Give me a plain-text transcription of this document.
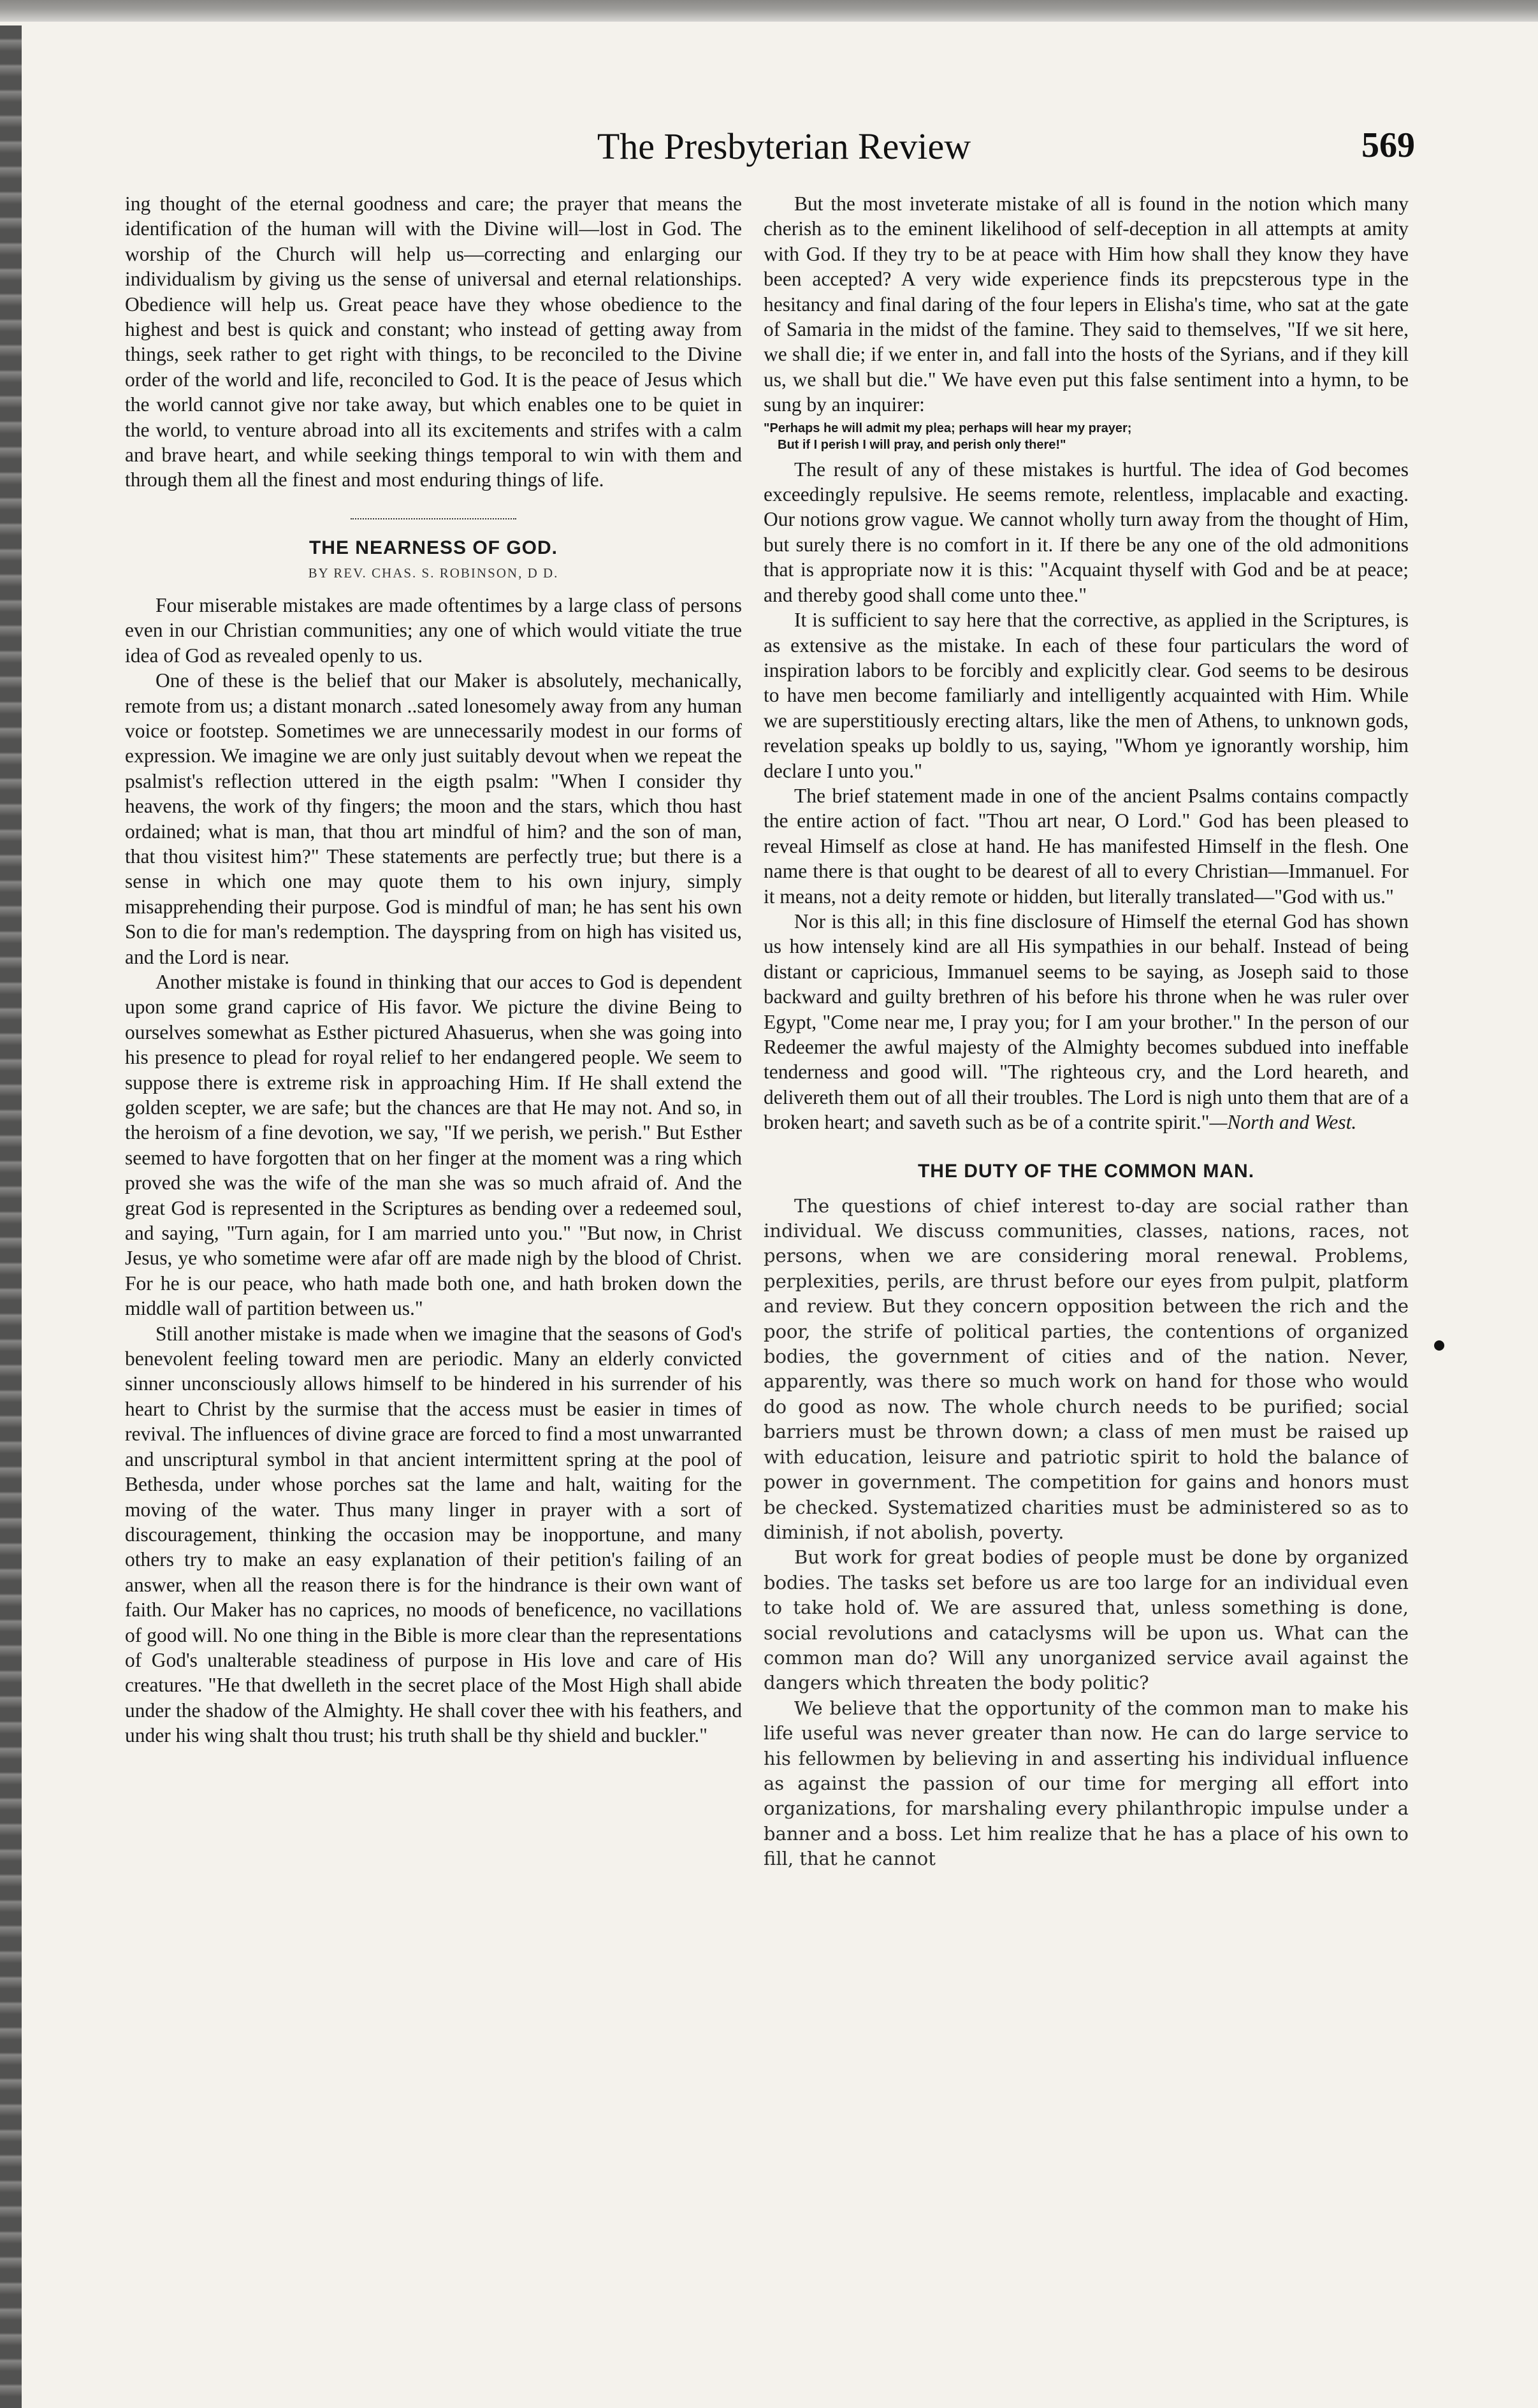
The Presbyterian Review	569

ing thought of the eternal goodness and care; the prayer that means the identification of the human will with the Divine will—lost in God. The worship of the Church will help us—correcting and enlarging our individualism by giving us the sense of universal and eternal relationships. Obedience will help us. Great peace have they whose obedience to the highest and best is quick and constant; who instead of getting away from things, seek rather to get right with things, to be reconciled to the Divine order of the world and life, reconciled to God. It is the peace of Jesus which the world cannot give nor take away, but which enables one to be quiet in the world, to venture abroad into all its excitements and strifes with a calm and brave heart, and while seeking things temporal to win with them and through them all the finest and most enduring things of life.

THE NEARNESS OF GOD.
BY REV. CHAS. S. ROBINSON, D D.

Four miserable mistakes are made oftentimes by a large class of persons even in our Christian communities; any one of which would vitiate the true idea of God as revealed openly to us.

One of these is the belief that our Maker is absolutely, mechanically, remote from us; a distant monarch ..sated lonesomely away from any human voice or footstep. Sometimes we are unnecessarily modest in our forms of expression. We imagine we are only just suitably devout when we repeat the psalmist's reflection uttered in the eigth psalm: "When I consider thy heavens, the work of thy fingers; the moon and the stars, which thou hast ordained; what is man, that thou art mindful of him? and the son of man, that thou visitest him?" These statements are perfectly true; but there is a sense in which one may quote them to his own injury, simply misapprehending their purpose. God is mindful of man; he has sent his own Son to die for man's redemption. The dayspring from on high has visited us, and the Lord is near.

Another mistake is found in thinking that our acces to God is dependent upon some grand caprice of His favor. We picture the divine Being to ourselves somewhat as Esther pictured Ahasuerus, when she was going into his presence to plead for royal relief to her endangered people. We seem to suppose there is extreme risk in approaching Him. If He shall extend the golden scepter, we are safe; but the chances are that He may not. And so, in the heroism of a fine devotion, we say, "If we perish, we perish." But Esther seemed to have forgotten that on her finger at the moment was a ring which proved she was the wife of the man she was so much afraid of. And the great God is represented in the Scriptures as bending over a redeemed soul, and saying, "Turn again, for I am married unto you." "But now, in Christ Jesus, ye who sometime were afar off are made nigh by the blood of Christ. For he is our peace, who hath made both one, and hath broken down the middle wall of partition between us."

Still another mistake is made when we imagine that the seasons of God's benevolent feeling toward men are periodic. Many an elderly convicted sinner unconsciously allows himself to be hindered in his surrender of his heart to Christ by the surmise that the access must be easier in times of revival. The influences of divine grace are forced to find a most unwarranted and unscriptural symbol in that ancient intermittent spring at the pool of Bethesda, under whose porches sat the lame and halt, waiting for the moving of the water. Thus many linger in prayer with a sort of discouragement, thinking the occasion may be inopportune, and many others try to make an easy explanation of their petition's failing of an answer, when all the reason there is for the hindrance is their own want of faith. Our Maker has no caprices, no moods of beneficence, no vacillations of good will. No one thing in the Bible is more clear than the representations of God's unalterable steadiness of purpose in His love and care of His creatures. "He that dwelleth in the secret place of the Most High shall abide under the shadow of the Almighty. He shall cover thee with his feathers, and under his wing shalt thou trust; his truth shall be thy shield and buckler."

But the most inveterate mistake of all is found in the notion which many cherish as to the eminent likelihood of self-deception in all attempts at amity with God. If they try to be at peace with Him how shall they know they have been accepted? A very wide experience finds its prepcsterous type in the hesitancy and final daring of the four lepers in Elisha's time, who sat at the gate of Samaria in the midst of the famine. They said to themselves, "If we sit here, we shall die; if we enter in, and fall into the hosts of the Syrians, and if they kill us, we shall but die." We have even put this false sentiment into a hymn, to be sung by an inquirer:

"Perhaps he will admit my plea; perhaps will hear my prayer;
But if I perish I will pray, and perish only there!"

The result of any of these mistakes is hurtful. The idea of God becomes exceedingly repulsive. He seems remote, relentless, implacable and exacting. Our notions grow vague. We cannot wholly turn away from the thought of Him, but surely there is no comfort in it. If there be any one of the old admonitions that is appropriate now it is this: "Acquaint thyself with God and be at peace; and thereby good shall come unto thee."

It is sufficient to say here that the corrective, as applied in the Scriptures, is as extensive as the mistake. In each of these four particulars the word of inspiration labors to be forcibly and explicitly clear. God seems to be desirous to have men become familiarly and intelligently acquainted with Him. While we are superstitiously erecting altars, like the men of Athens, to unknown gods, revelation speaks up boldly to us, saying, "Whom ye ignorantly worship, him declare I unto you."

The brief statement made in one of the ancient Psalms contains compactly the entire action of fact. "Thou art near, O Lord." God has been pleased to reveal Himself as close at hand. He has manifested Himself in the flesh. One name there is that ought to be dearest of all to every Christian—Immanuel. For it means, not a deity remote or hidden, but literally translated—"God with us."

Nor is this all; in this fine disclosure of Himself the eternal God has shown us how intensely kind are all His sympathies in our behalf. Instead of being distant or capricious, Immanuel seems to be saying, as Joseph said to those backward and guilty brethren of his before his throne when he was ruler over Egypt, "Come near me, I pray you; for I am your brother." In the person of our Redeemer the awful majesty of the Almighty becomes subdued into ineffable tenderness and good will. "The righteous cry, and the Lord heareth, and delivereth them out of all their troubles. The Lord is nigh unto them that are of a broken heart; and saveth such as be of a contrite spirit."—North and West.

THE DUTY OF THE COMMON MAN.

The questions of chief interest to-day are social rather than individual. We discuss communities, classes, nations, races, not persons, when we are considering moral renewal. Problems, perplexities, perils, are thrust before our eyes from pulpit, platform and review. But they concern opposition between the rich and the poor, the strife of political parties, the contentions of organized bodies, the government of cities and of the nation. Never, apparently, was there so much work on hand for those who would do good as now. The whole church needs to be purified; social barriers must be thrown down; a class of men must be raised up with education, leisure and patriotic spirit to hold the balance of power in government. The competition for gains and honors must be checked. Systematized charities must be administered so as to diminish, if not abolish, poverty.

But work for great bodies of people must be done by organized bodies. The tasks set before us are too large for an individual even to take hold of. We are assured that, unless something is done, social revolutions and cataclysms will be upon us. What can the common man do? Will any unorganized service avail against the dangers which threaten the body politic?

We believe that the opportunity of the common man to make his life useful was never greater than now. He can do large service to his fellowmen by believing in and asserting his individual influence as against the passion of our time for merging all effort into organizations, for marshaling every philanthropic impulse under a banner and a boss. Let him realize that he has a place of his own to fill, that he cannot
